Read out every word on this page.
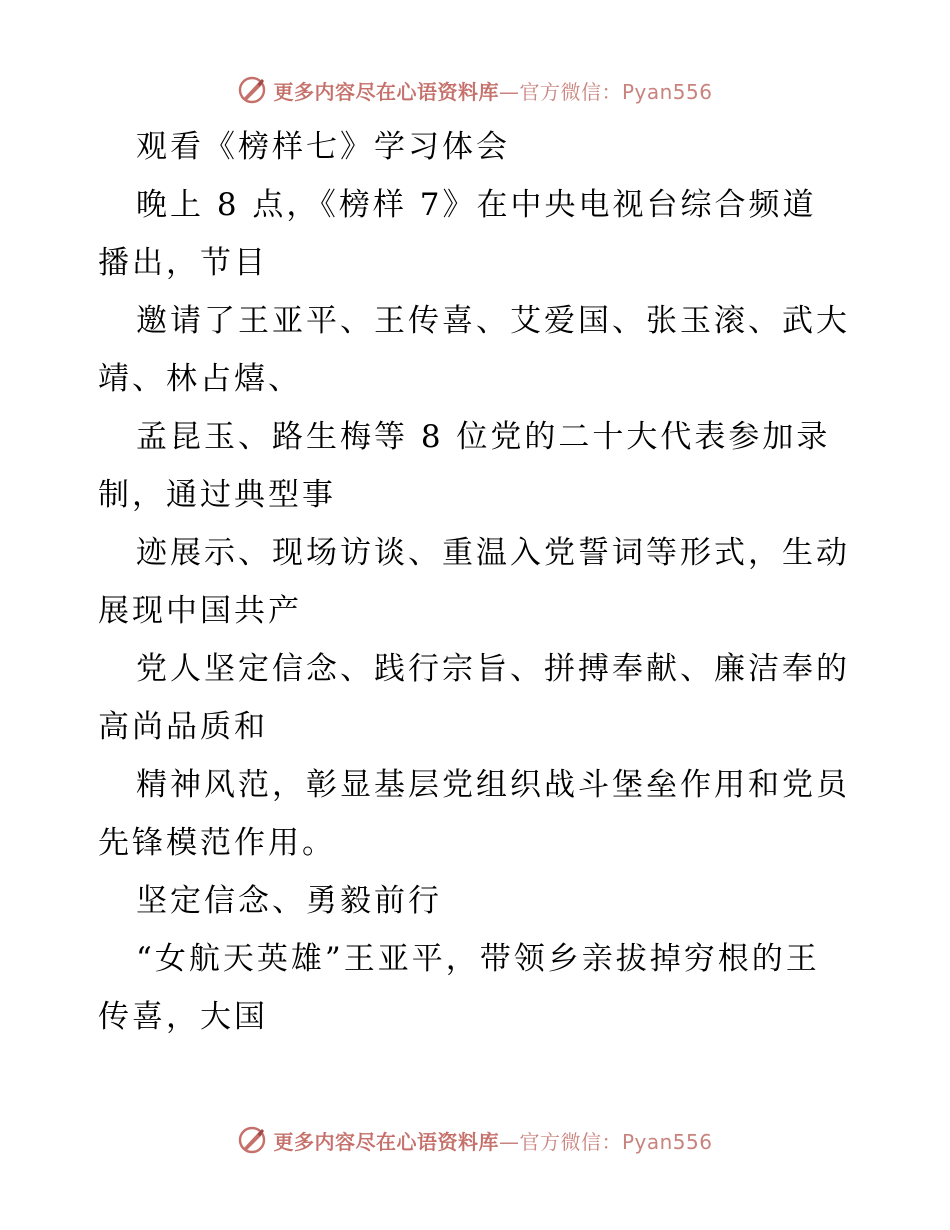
更多内容尽在心语资料库—官方微信：Pyan556
观看《榜样七》学习体会
晚上 8 点，《榜样 7》在中央电视台综合频道
播出，节目
邀请了王亚平、王传喜、艾爱国、张玉滚、武大
靖、林占熺、
孟昆玉、路生梅等 8 位党的二十大代表参加录
制，通过典型事
迹展示、现场访谈、重温入党誓词等形式，生动
展现中国共产
党人坚定信念、践行宗旨、拼搏奉献、廉洁奉的
高尚品质和
精神风范，彰显基层党组织战斗堡垒作用和党员
先锋模范作用。
坚定信念、勇毅前行
“女航天英雄”王亚平，带领乡亲拔掉穷根的王
传喜，大国
更多内容尽在心语资料库—官方微信：Pyan556
